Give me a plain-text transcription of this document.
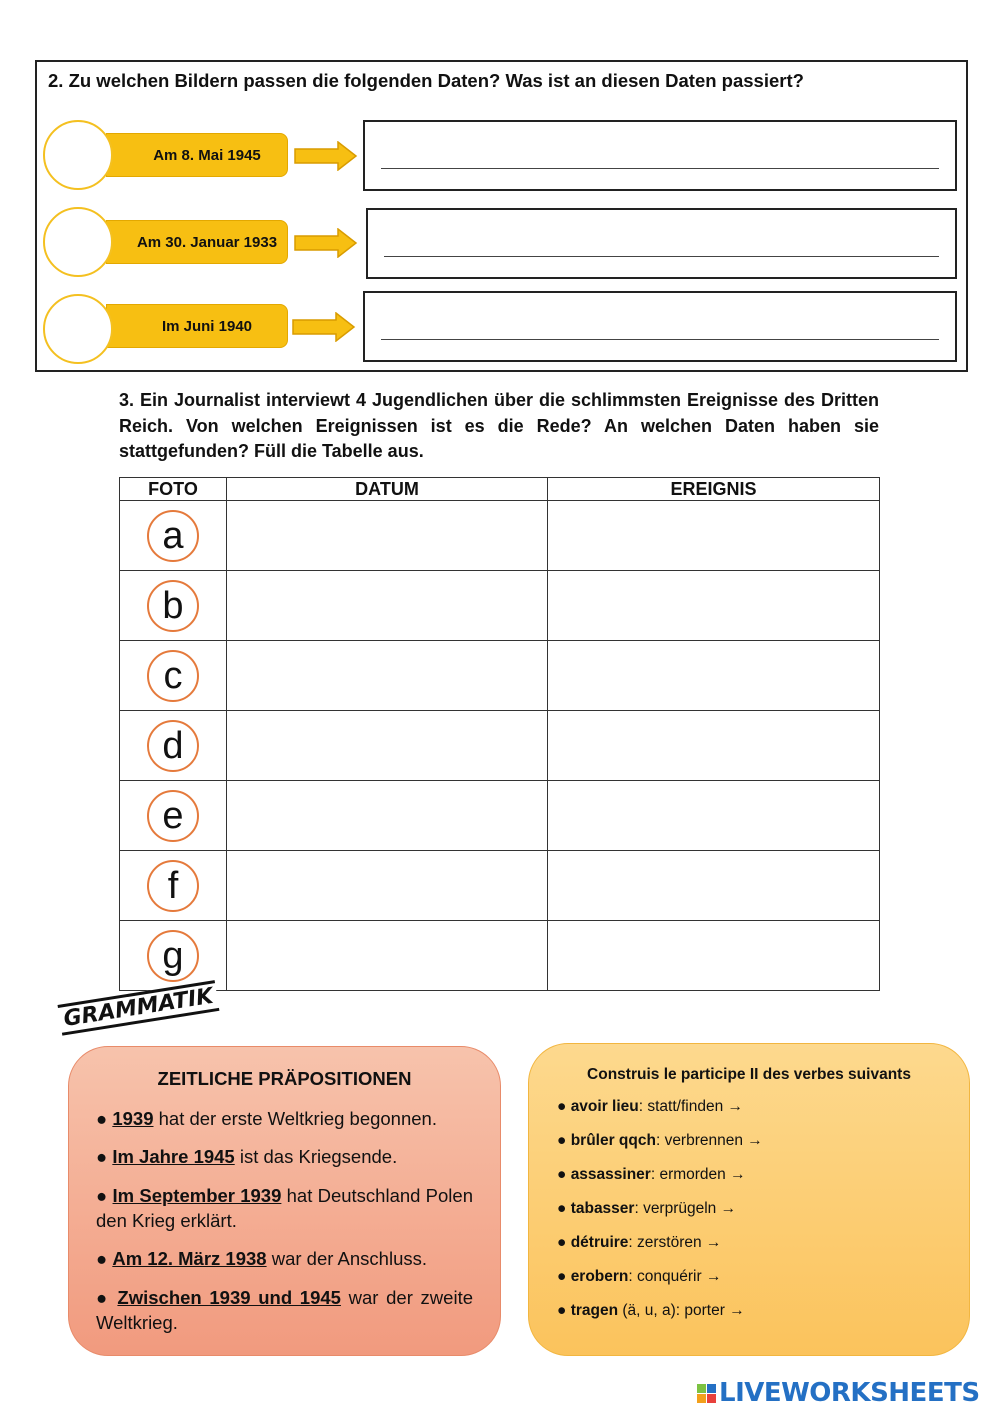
2. Zu welchen Bildern passen die folgenden Daten? Was ist an diesen Daten passiert?
Am 8. Mai 1945
Am 30. Januar 1933
Im Juni 1940
3. Ein Journalist interviewt 4 Jugendlichen über die schlimmsten Ereignisse des Dritten Reich. Von welchen Ereignissen ist es die Rede? An welchen Daten haben sie stattgefunden? Füll die Tabelle aus.
FOTO	DATUM	EREIGNIS

a		

b		

c		

d		

e		

f		

g		

GRAMMATIK
ZEITLICHE PRÄPOSITIONEN
● 1939 hat der erste Weltkrieg begonnen.
● Im Jahre 1945 ist das Kriegsende.
● Im September 1939 hat Deutschland Polen den Krieg erklärt.
● Am 12. März 1938 war der Anschluss.
● Zwischen 1939 und 1945 war der zweite Weltkrieg.
Construis le participe II des verbes suivants
● avoir lieu: statt/finden →
● brûler qqch: verbrennen →
● assassiner: ermorden →
● tabasser: verprügeln →
● détruire: zerstören →
● erobern: conquérir →
● tragen (ä, u, a): porter →
LIVEWORKSHEETS
